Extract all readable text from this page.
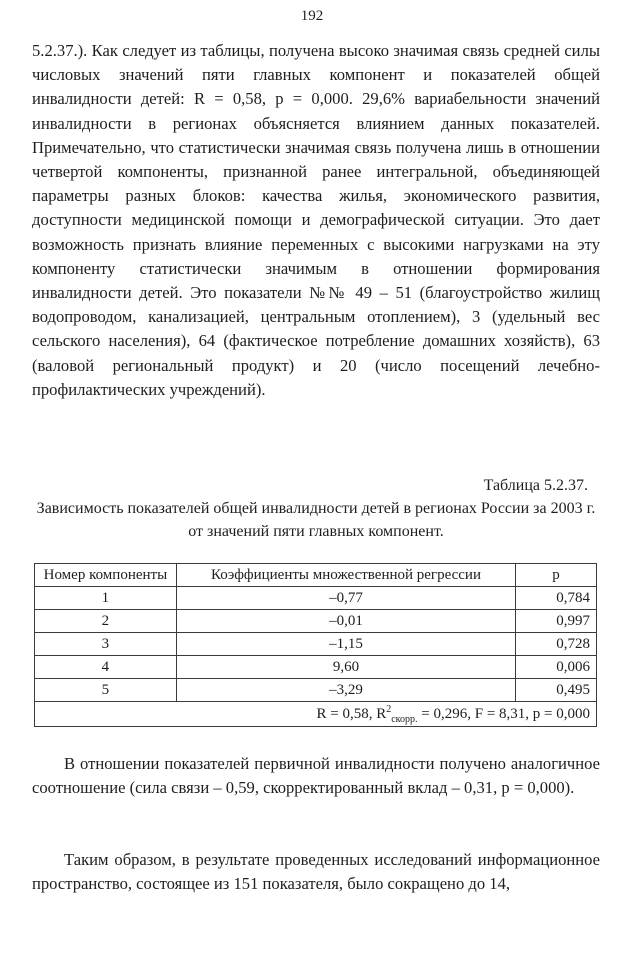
192

5.2.37.). Как следует из таблицы, получена высоко значимая связь средней силы числовых значений пяти главных компонент и показателей общей инвалидности детей: R = 0,58, p = 0,000. 29,6% вариабельности значений инвалидности в регионах объясняется влиянием данных показателей. Примечательно, что статистически значимая связь получена лишь в отношении четвертой компоненты, признанной ранее интегральной, объединяющей параметры разных блоков: качества жилья, экономического развития, доступности медицинской помощи и демографической ситуации. Это дает возможность признать влияние переменных с высокими нагрузками на эту компоненту статистически значимым в отношении формирования инвалидности детей. Это показатели №№ 49 – 51 (благоустройство жилищ водопроводом, канализацией, центральным отоплением), 3 (удельный вес сельского населения), 64 (фактическое потребление домашних хозяйств), 63 (валовой региональный продукт) и 20 (число посещений лечебно-профилактических учреждений).

Таблица 5.2.37.
Зависимость показателей общей инвалидности детей в регионах России за 2003 г. от значений пяти главных компонент.
Номер компоненты	Коэффициенты множественной регрессии	p
1	–0,77	0,784
2	–0,01	0,997
3	–1,15	0,728
4	9,60	0,006
5	–3,29	0,495
R = 0,58, $R^2_{скорр.} = 0,296$, F = 8,31, p = 0,000		

В отношении показателей первичной инвалидности получено аналогичное соотношение (сила связи – 0,59, скорректированный вклад – 0,31, p = 0,000).

Таким образом, в результате проведенных исследований информационное пространство, состоящее из 151 показателя, было сокращено до 14,
